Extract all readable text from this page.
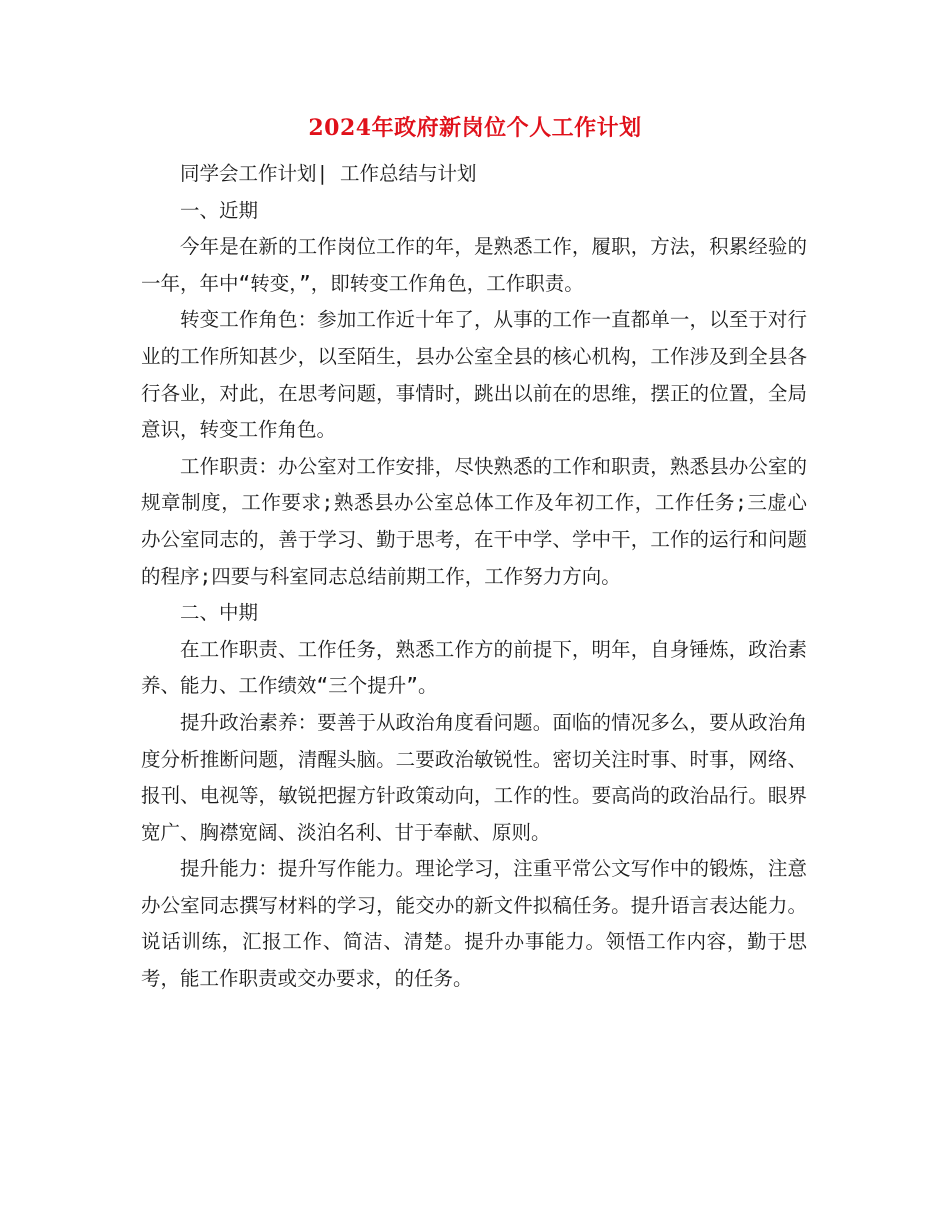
2024年政府新岗位个人工作计划

同学会工作计划| 工作总结与计划

一、近期

今年是在新的工作岗位工作的年，是熟悉工作，履职，方法，积累经验的一年，年中“转变，”，即转变工作角色，工作职责。

转变工作角色：参加工作近十年了，从事的工作一直都单一，以至于对行业的工作所知甚少，以至陌生，县办公室全县的核心机构，工作涉及到全县各行各业，对此，在思考问题，事情时，跳出以前在的思维，摆正的位置，全局意识，转变工作角色。

工作职责：办公室对工作安排，尽快熟悉的工作和职责，熟悉县办公室的规章制度，工作要求;熟悉县办公室总体工作及年初工作，工作任务;三虚心办公室同志的，善于学习、勤于思考，在干中学、学中干，工作的运行和问题的程序;四要与科室同志总结前期工作，工作努力方向。

二、中期

在工作职责、工作任务，熟悉工作方的前提下，明年，自身锤炼，政治素养、能力、工作绩效“三个提升”。

提升政治素养：要善于从政治角度看问题。面临的情况多么，要从政治角度分析推断问题，清醒头脑。二要政治敏锐性。密切关注时事、时事，网络、报刊、电视等，敏锐把握方针政策动向，工作的性。要高尚的政治品行。眼界宽广、胸襟宽阔、淡泊名利、甘于奉献、原则。

提升能力：提升写作能力。理论学习，注重平常公文写作中的锻炼，注意办公室同志撰写材料的学习，能交办的新文件拟稿任务。提升语言表达能力。说话训练，汇报工作、简洁、清楚。提升办事能力。领悟工作内容，勤于思考，能工作职责或交办要求，的任务。
